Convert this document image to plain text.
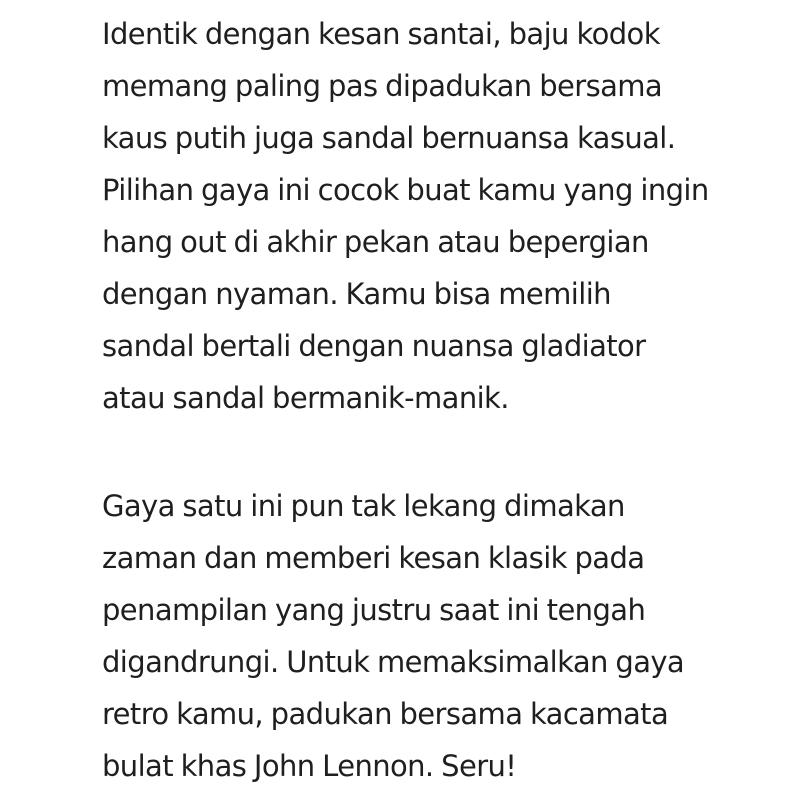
Identik dengan kesan santai, baju kodok
memang paling pas dipadukan bersama
kaus putih juga sandal bernuansa kasual.
Pilihan gaya ini cocok buat kamu yang ingin
hang out di akhir pekan atau bepergian
dengan nyaman. Kamu bisa memilih
sandal bertali dengan nuansa gladiator
atau sandal bermanik-manik.

Gaya satu ini pun tak lekang dimakan
zaman dan memberi kesan klasik pada
penampilan yang justru saat ini tengah
digandrungi. Untuk memaksimalkan gaya
retro kamu, padukan bersama kacamata
bulat khas John Lennon. Seru!
